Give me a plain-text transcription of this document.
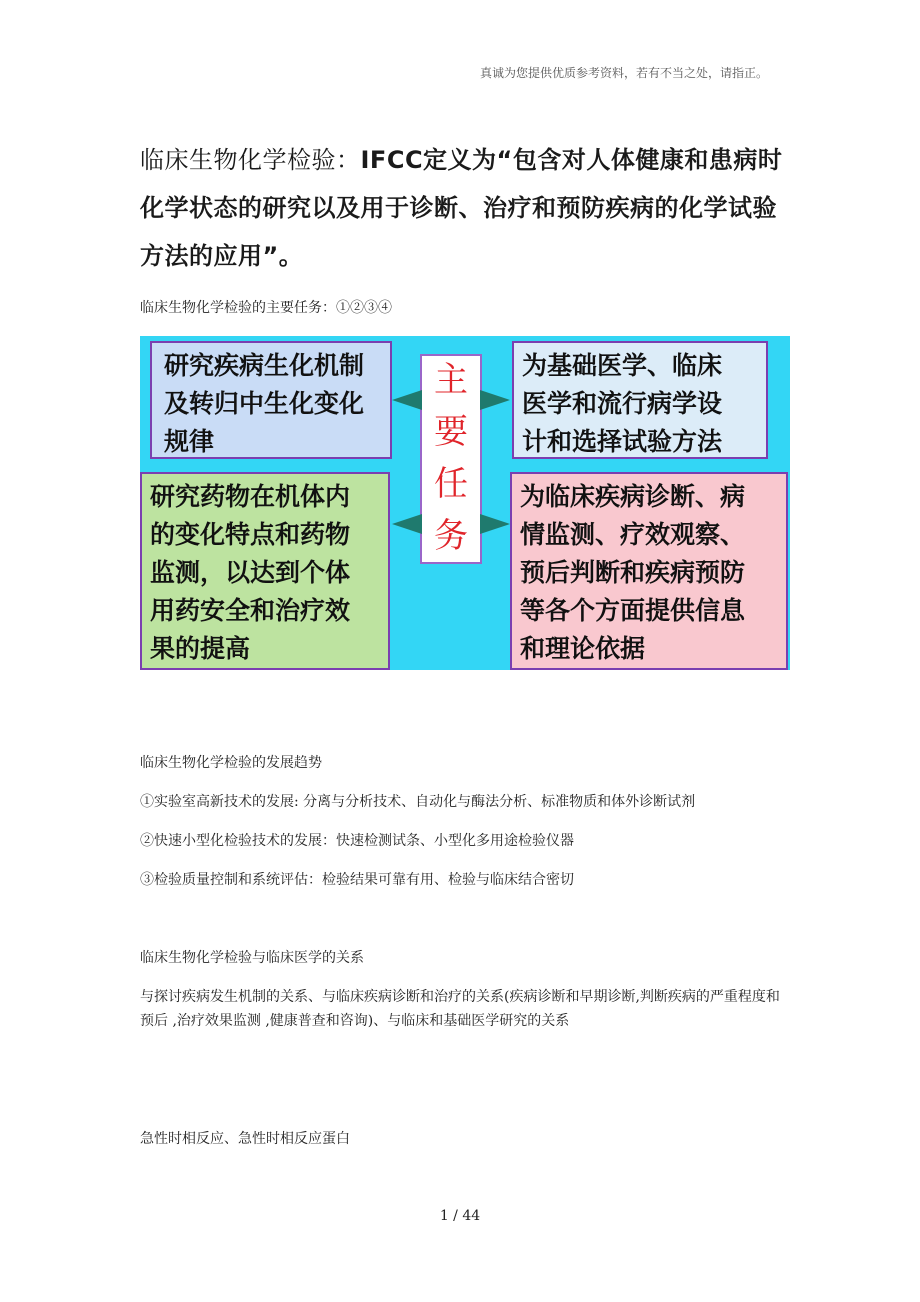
真诚为您提供优质参考资料，若有不当之处，请指正。
临床生物化学检验：IFCC定义为“包含对人体健康和患病时化学状态的研究以及用于诊断、治疗和预防疾病的化学试验方法的应用”。
临床生物化学检验的主要任务：①②③④
研究疾病生化机制
及转归中生化变化
规律
为基础医学、临床
医学和流行病学设
计和选择试验方法
研究药物在机体内
的变化特点和药物
监测，以达到个体
用药安全和治疗效
果的提高
为临床疾病诊断、病
情监测、疗效观察、
预后判断和疾病预防
等各个方面提供信息
和理论依据
主
要
任
务
临床生物化学检验的发展趋势
①实验室高新技术的发展: 分离与分析技术、自动化与酶法分析、标准物质和体外诊断试剂
②快速小型化检验技术的发展：快速检测试条、小型化多用途检验仪器
③检验质量控制和系统评估：检验结果可靠有用、检验与临床结合密切
临床生物化学检验与临床医学的关系
与探讨疾病发生机制的关系、与临床疾病诊断和治疗的关系(疾病诊断和早期诊断,判断疾病的严重程度和预后 ,治疗效果监测 ,健康普查和咨询)、与临床和基础医学研究的关系
急性时相反应、急性时相反应蛋白
1 / 44
